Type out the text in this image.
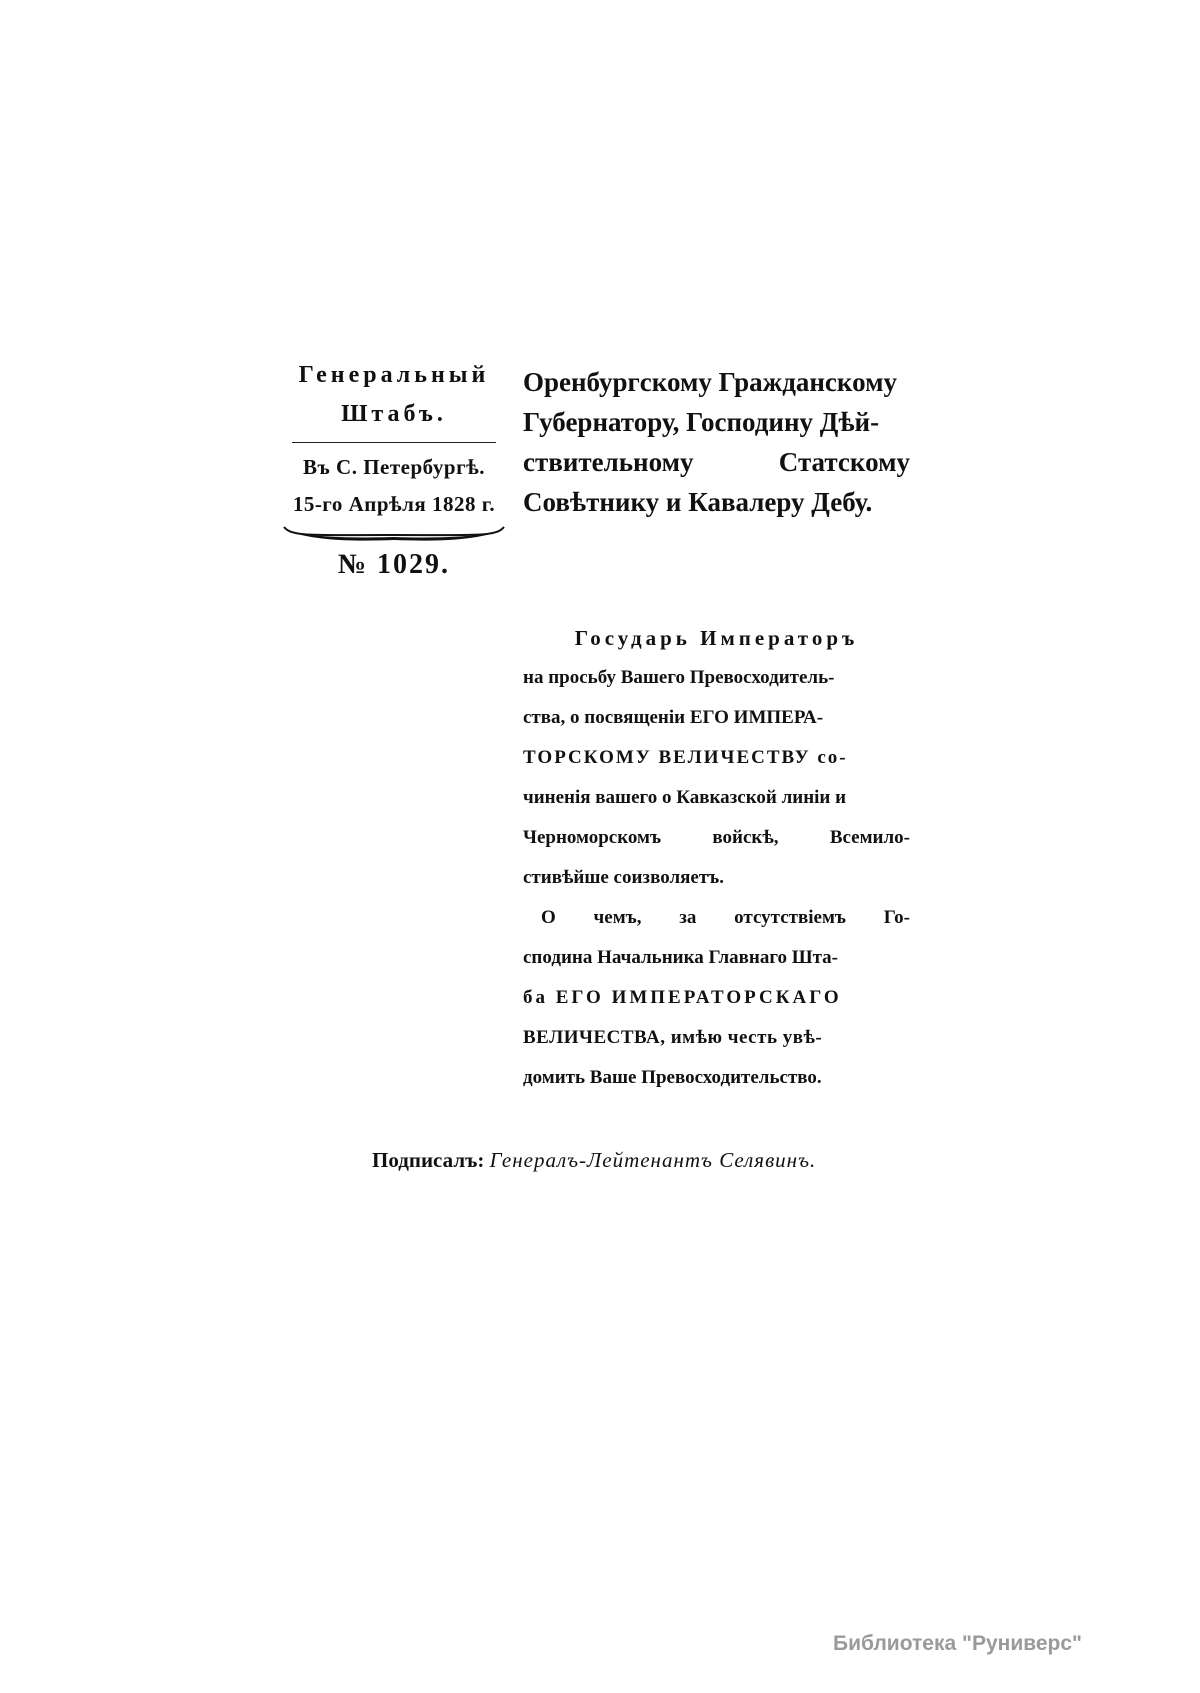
Генеральный
Штабъ.
Въ С. Петербургѣ.
15-го Апрѣля 1828 г.
№ 1029.
Оренбургскому Гражданскому
Губернатору, Господину Дѣй-
ствительному Статскому
Совѣтнику и Кавалеру Дебу.
Государь Императоръ
на просьбу Вашего Превосходитель-
ства, о посвященіи ЕГО ИМПЕРА-
ТОРСКОМУ ВЕЛИЧЕСТВУ со-
чиненія вашего о Кавказской линіи и
Черноморскомъ войскѣ, Всемило-
стивѣйше соизволяетъ.
О чемъ, за отсутствіемъ Го-
сподина Начальника Главнаго Шта-
ба ЕГО ИМПЕРАТОРСКАГО
ВЕЛИЧЕСТВА, имѣю честь увѣ-
домить Ваше Превосходительство.
Подписалъ: Генералъ-Лейтенантъ Селявинъ.
Библиотека "Руниверс"
